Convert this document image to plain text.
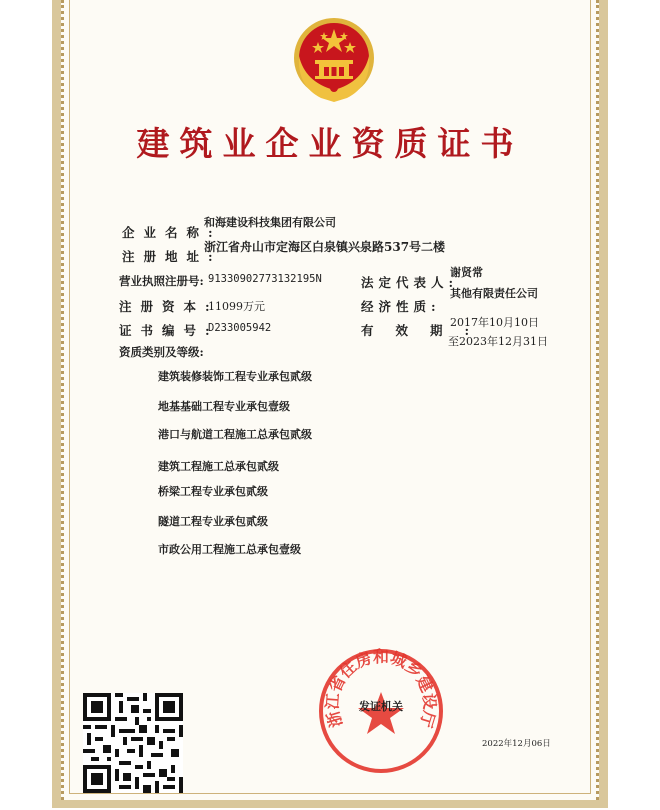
建筑业企业资质证书
企业名称:
和海建设科技集团有限公司
注册地址:
浙江省舟山市定海区白泉镇兴泉路537号二楼
营业执照注册号: 91330902773132195N
注册资本:
11099万元
证书编号:
D233005942
法定代表人:
谢贤常
经济性质:
其他有限责任公司
有效期:
2017年10月10日
至2023年12月31日
资质类别及等级:
建筑装修装饰工程专业承包贰级
地基基础工程专业承包壹级
港口与航道工程施工总承包贰级
建筑工程施工总承包贰级
桥梁工程专业承包贰级
隧道工程专业承包贰级
市政公用工程施工总承包壹级
浙江省住房和城乡建设厅
发证机关
2022年12月06日
